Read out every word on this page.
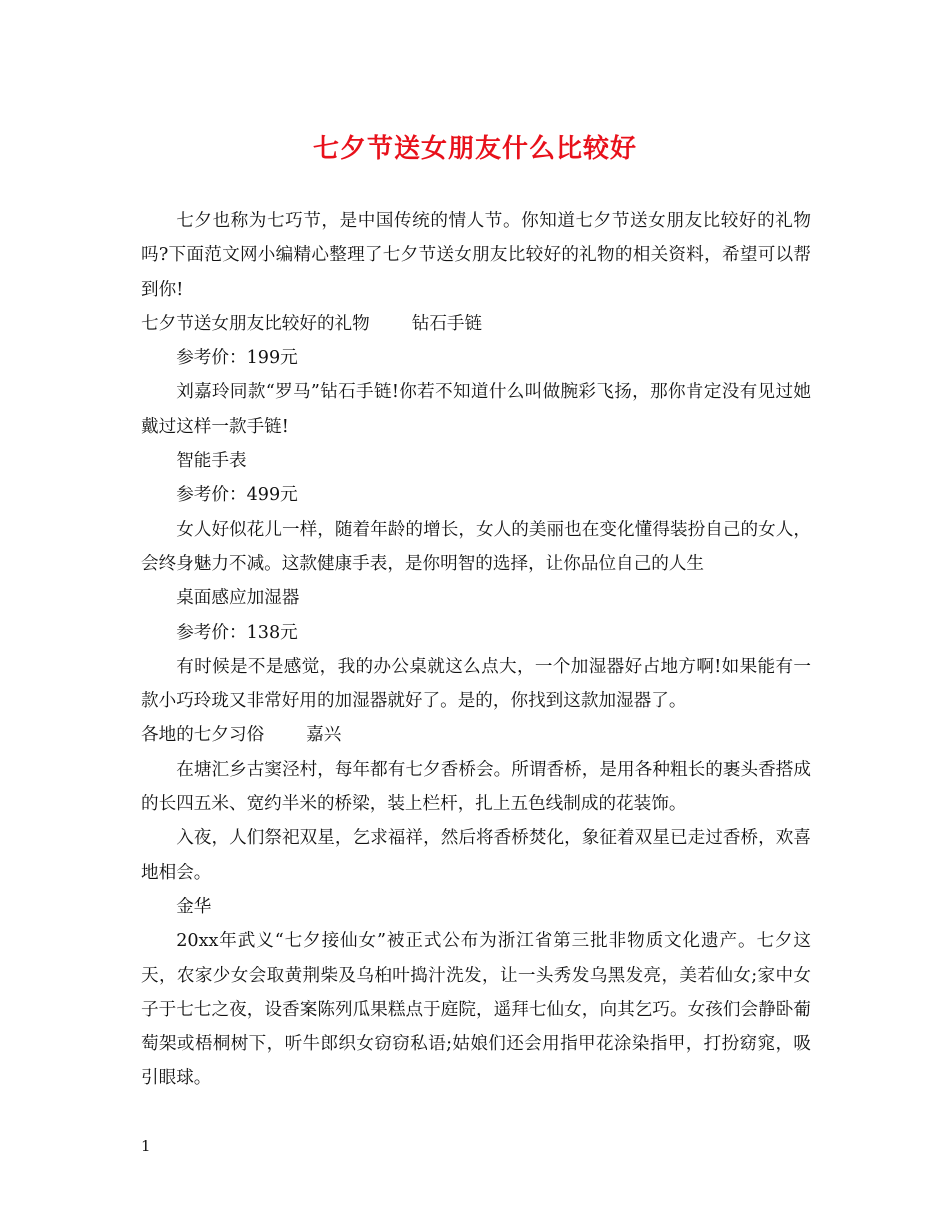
七夕节送女朋友什么比较好

七夕也称为七巧节，是中国传统的情人节。你知道七夕节送女朋友比较好的礼物吗?下面范文网小编精心整理了七夕节送女朋友比较好的礼物的相关资料，希望可以帮到你!

七夕节送女朋友比较好的礼物 钻石手链

参考价：199元

刘嘉玲同款“罗马”钻石手链!你若不知道什么叫做腕彩飞扬，那你肯定没有见过她戴过这样一款手链!

智能手表

参考价：499元

女人好似花儿一样，随着年龄的增长，女人的美丽也在变化懂得装扮自己的女人，会终身魅力不减。这款健康手表，是你明智的选择，让你品位自己的人生

桌面感应加湿器

参考价：138元

有时候是不是感觉，我的办公桌就这么点大，一个加湿器好占地方啊!如果能有一款小巧玲珑又非常好用的加湿器就好了。是的，你找到这款加湿器了。

各地的七夕习俗 嘉兴

在塘汇乡古窦泾村，每年都有七夕香桥会。所谓香桥，是用各种粗长的裹头香搭成的长四五米、宽约半米的桥梁，装上栏杆，扎上五色线制成的花装饰。

入夜，人们祭祀双星，乞求福祥，然后将香桥焚化，象征着双星已走过香桥，欢喜地相会。

金华

20xx年武义“七夕接仙女”被正式公布为浙江省第三批非物质文化遗产。七夕这天，农家少女会取黄荆柴及乌桕叶捣汁洗发，让一头秀发乌黑发亮，美若仙女;家中女子于七七之夜，设香案陈列瓜果糕点于庭院，遥拜七仙女，向其乞巧。女孩们会静卧葡萄架或梧桐树下，听牛郎织女窃窃私语;姑娘们还会用指甲花涂染指甲，打扮窈窕，吸引眼球。

1
